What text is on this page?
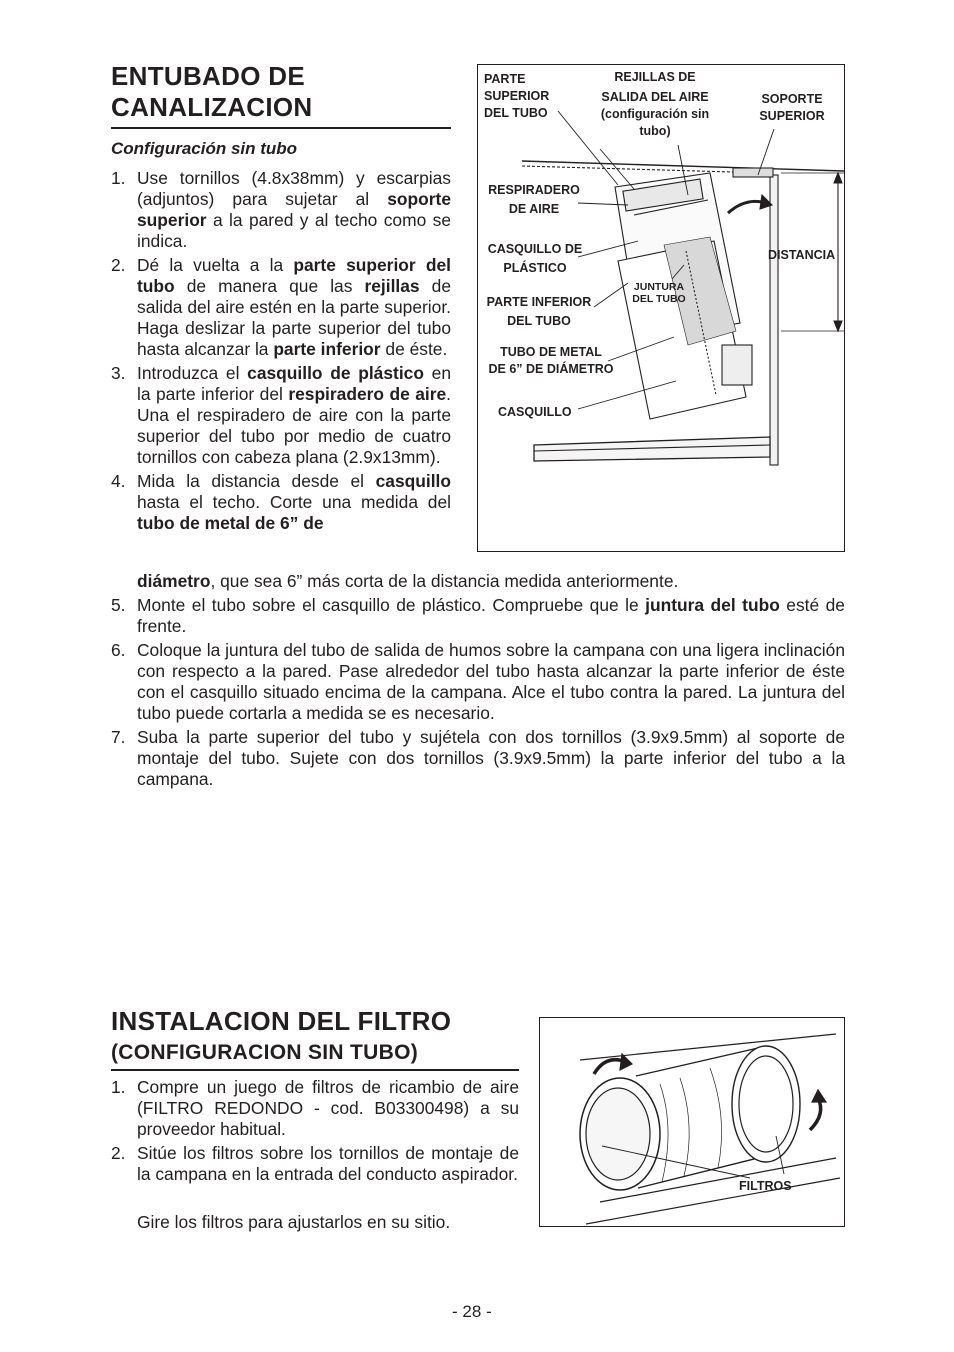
ENTUBADO DE
CANALIZACION
Configuración sin tubo
1. Use tornillos (4.8x38mm) y escarpias (adjuntos) para sujetar al soporte superior a la pared y al techo como se indica.
2. Dé la vuelta a la parte superior del tubo de manera que las rejillas de salida del aire estén en la parte superior. Haga deslizar la parte superior del tubo hasta alcanzar la parte inferior de éste.
3. Introduzca el casquillo de plástico en la parte inferior del respiradero de aire. Una el respiradero de aire con la parte superior del tubo por medio de cuatro tornillos con cabeza plana (2.9x13mm).
4. Mida la distancia desde el casquillo hasta el techo. Corte una medida del tubo de metal de 6” de
diámetro, que sea 6” más corta de la distancia medida anteriormente.
5. Monte el tubo sobre el casquillo de plástico. Compruebe que le juntura del tubo esté de frente.
6. Coloque la juntura del tubo de salida de humos sobre la campana con una ligera inclinación con respecto a la pared. Pase alrededor del tubo hasta alcanzar la parte inferior de éste con el casquillo situado encima de la campana. Alce el tubo contra la pared. La juntura del tubo puede cortarla a medida se es necesario.
7. Suba la parte superior del tubo y sujétela con dos tornillos (3.9x9.5mm) al soporte de montaje del tubo. Sujete con dos tornillos (3.9x9.5mm) la parte inferior del tubo a la campana.
PARTE
SUPERIOR
DEL TUBO
REJILLAS DE
SALIDA DEL AIRE
(configuración sin
tubo)
SOPORTE
SUPERIOR
RESPIRADERO
DE AIRE
CASQUILLO DE
PLÁSTICO
DISTANCIA
JUNTURA
DEL TUBO
PARTE INFERIOR
DEL TUBO
TUBO DE METAL
DE 6” DE DIÁMETRO
CASQUILLO
INSTALACION DEL FILTRO
(CONFIGURACION SIN TUBO)
1. Compre un juego de filtros de ricambio de aire (FILTRO REDONDO - cod. B03300498) a su proveedor habitual.
2. Sitúe los filtros sobre los tornillos de montaje de la campana en la entrada del conducto aspirador.
Gire los filtros para ajustarlos en su sitio.
FILTROS
- 28 -
